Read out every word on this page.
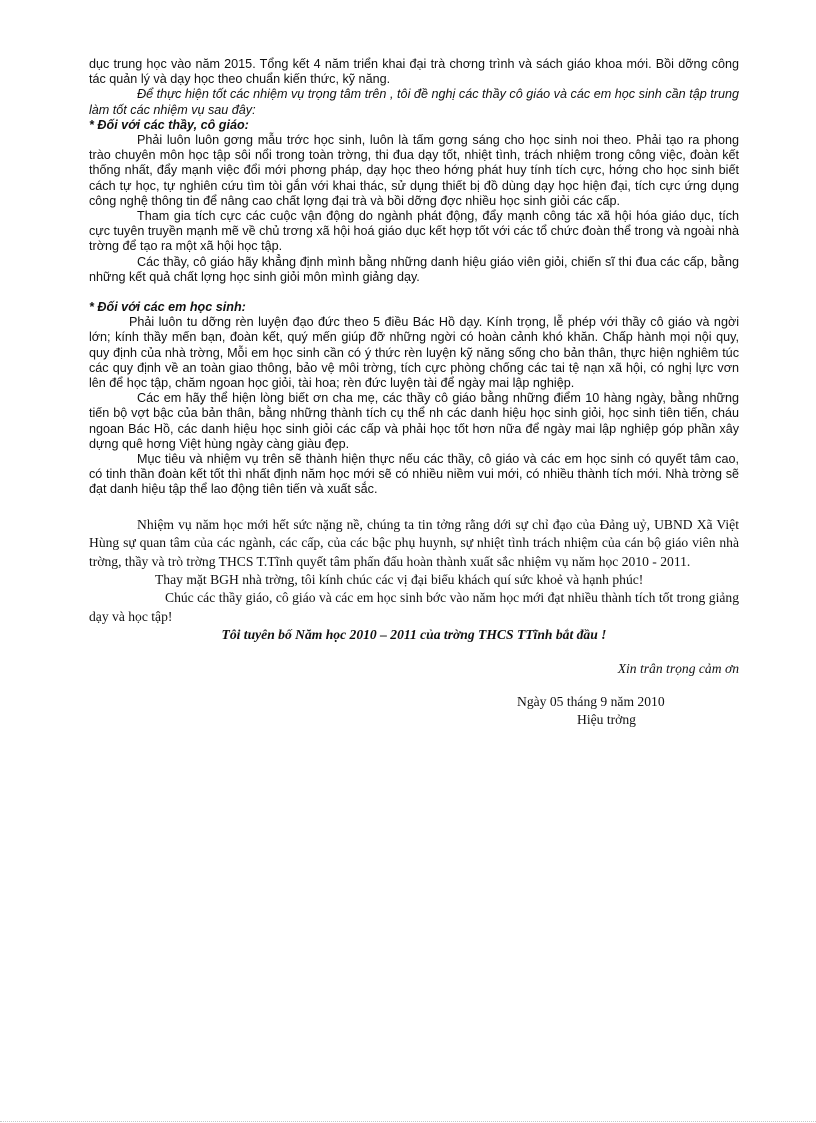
dục trung học vào năm 2015. Tổng kết 4 năm triển khai đại trà chơng trình và sách giáo khoa mới. Bồi dỡng công tác quản lý và dạy học theo chuẩn kiến thức, kỹ năng.

Để thực hiện tốt các nhiệm vụ trọng tâm trên , tôi đề nghị các thầy cô giáo và các em học sinh cần tập trung làm tốt các nhiệm vụ sau đây:

* Đối với các thầy, cô giáo:

Phải luôn luôn gơng mẫu trớc học sinh, luôn là tấm gơng sáng cho học sinh noi theo. Phải tạo ra phong trào chuyên môn học tập sôi nổi trong toàn trờng, thi đua dạy tốt, nhiệt tình, trách nhiệm trong công việc, đoàn kết thống nhất, đẩy mạnh việc đổi mới phơng pháp, dạy học theo hớng phát huy tính tích cực, hớng cho học sinh biết cách tự học, tự nghiên cứu tìm tòi gắn với khai thác, sử dụng thiết bị đồ dùng dạy học hiện đại, tích cực ứng dụng công nghệ thông tin để nâng cao chất lợng đại trà và bồi dỡng đợc nhiều học sinh giỏi các cấp.

Tham gia tích cực các cuộc vận động do ngành phát động, đẩy mạnh công tác xã hội hóa giáo dục, tích cực tuyên truyền mạnh mẽ về chủ trơng xã hội hoá giáo dục kết hợp tốt với các tổ chức đoàn thể trong và ngoài nhà trờng để tạo ra một xã hội học tập.

Các thầy, cô giáo hãy khẳng định mình bằng những danh hiệu giáo viên giỏi, chiến sĩ thi đua các cấp, bằng những kết quả chất lợng học sinh giỏi môn mình giảng dạy.

* Đối với các em học sinh:

Phải luôn tu dỡng rèn luyện đạo đức theo 5 điều Bác Hồ dạy. Kính trọng, lễ phép với thầy cô giáo và ngời lớn; kính thầy mến bạn, đoàn kết, quý mến giúp đỡ những ngời có hoàn cảnh khó khăn. Chấp hành mọi nội quy, quy định của nhà trờng, Mỗi em học sinh cần có ý thức rèn luyện kỹ năng sống cho bản thân, thực hiện nghiêm túc các quy định về an toàn giao thông, bảo vệ môi trờng, tích cực phòng chống các tai tệ nạn xã hội, có nghị lực vơn lên để học tập, chăm ngoan học giỏi, tài hoa; rèn đức luyện tài để ngày mai lập nghiệp.

Các em hãy thể hiện lòng biết ơn cha mẹ, các thầy cô giáo bằng những điểm 10 hàng ngày, bằng những tiến bộ vợt bậc của bản thân, bằng những thành tích cụ thể nh các danh hiệu học sinh giỏi, học sinh tiên tiến, cháu ngoan Bác Hồ, các danh hiệu học sinh giỏi các cấp và phải học tốt hơn nữa để ngày mai lập nghiệp góp phần xây dựng quê hơng Việt hùng ngày càng giàu đẹp.

Mục tiêu và nhiệm vụ trên sẽ thành hiện thực nếu các thầy, cô giáo và các em học sinh có quyết tâm cao, có tinh thần đoàn kết tốt thì nhất định năm học mới sẽ có nhiều niềm vui mới, có nhiều thành tích mới. Nhà trờng sẽ đạt danh hiệu tập thể lao động tiên tiến và xuất sắc.

Nhiệm vụ năm học mới hết sức nặng nề, chúng ta tin tởng rằng dới sự chỉ đạo của Đảng uỷ, UBND Xã Việt Hùng sự quan tâm của các ngành, các cấp, của các bậc phụ huynh, sự nhiệt tình trách nhiệm của cán bộ giáo viên nhà trờng, thầy và trò trờng THCS T.Tĩnh quyết tâm phấn đấu hoàn thành xuất sắc nhiệm vụ năm học 2010 - 2011.

Thay mặt BGH nhà trờng, tôi kính chúc các vị đại biểu khách quí sức khoẻ và hạnh phúc!

Chúc các thầy giáo, cô giáo và các em học sinh bớc vào năm học mới đạt nhiều thành tích tốt trong giảng dạy và học tập!

Tôi tuyên bố Năm học 2010 – 2011 của trờng THCS TTĩnh bắt đầu !

Xin trân trọng cảm ơn

Ngày 05 tháng 9 năm 2010

Hiệu trởng
